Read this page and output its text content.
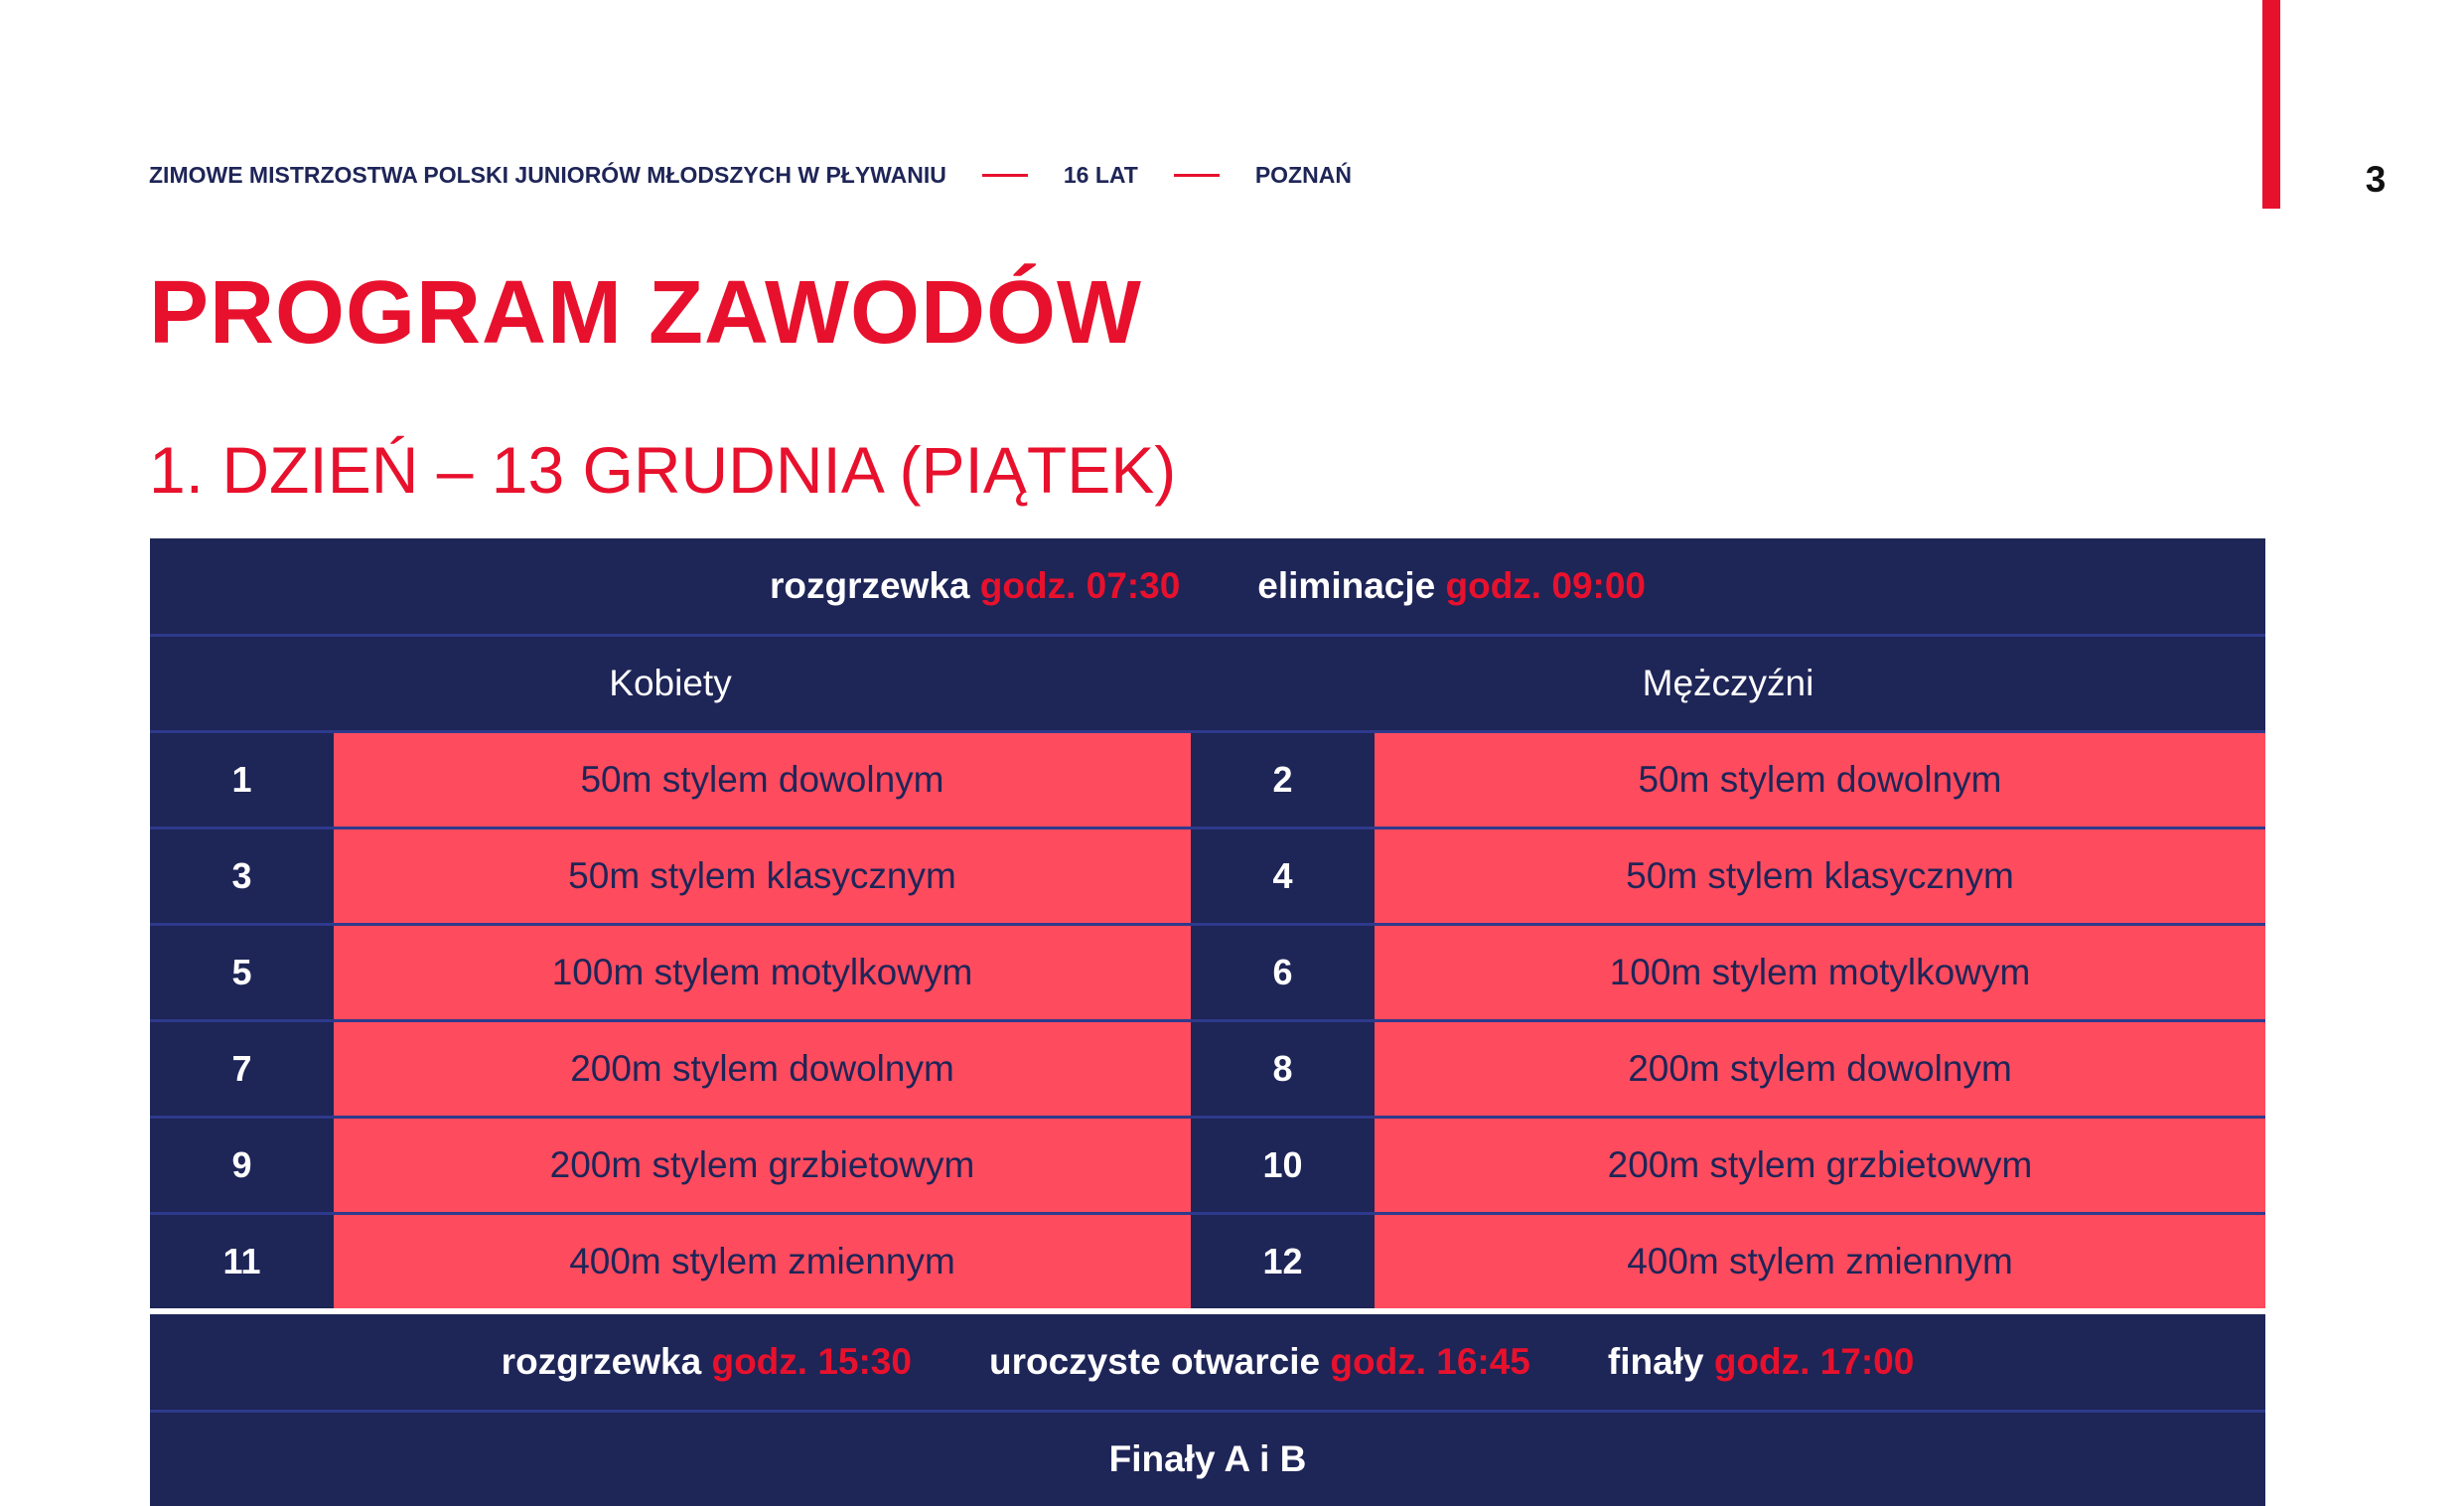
3
ZIMOWE MISTRZOSTWA POLSKI JUNIORÓW MŁODSZYCH W PŁYWANIU	16 LAT	POZNAŃ
PROGRAM ZAWODÓW
1. DZIEŃ – 13 GRUDNIA (PIĄTEK)
rozgrzewka godz. 07:30 eliminacje godz. 09:00
Kobiety	Mężczyźni
1	50m stylem dowolnym	2	50m stylem dowolnym
3	50m stylem klasycznym	4	50m stylem klasycznym
5	100m stylem motylkowym	6	100m stylem motylkowym
7	200m stylem dowolnym	8	200m stylem dowolnym
9	200m stylem grzbietowym	10	200m stylem grzbietowym
11	400m stylem zmiennym	12	400m stylem zmiennym
rozgrzewka godz. 15:30 uroczyste otwarcie godz. 16:45 finały godz. 17:00
Finały A i B
